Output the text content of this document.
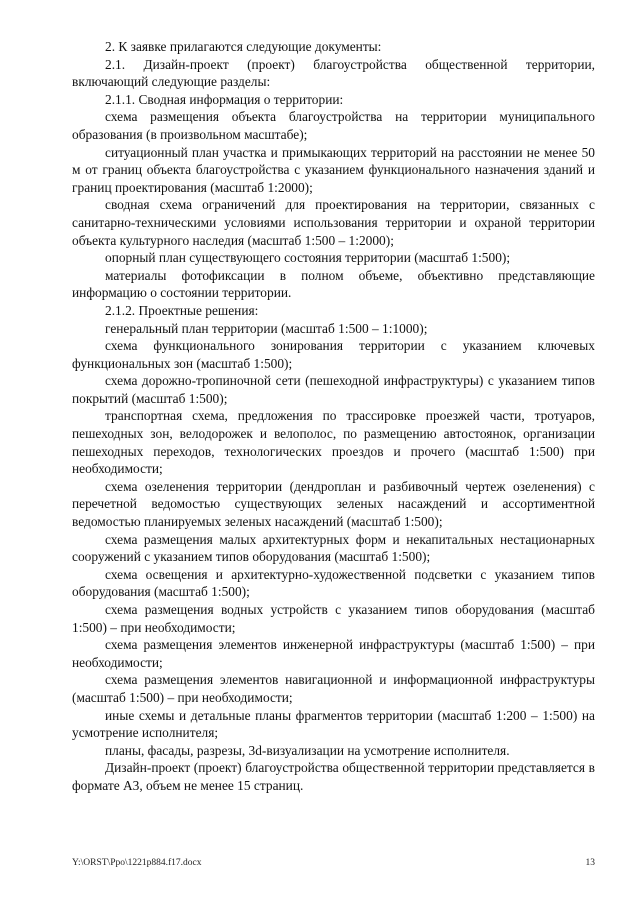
2. К заявке прилагаются следующие документы:

2.1. Дизайн-проект (проект) благоустройства общественной территории, включающий следующие разделы:

2.1.1. Сводная информация о территории:

схема размещения объекта благоустройства на территории муниципального образования (в произвольном масштабе);

ситуационный план участка и примыкающих территорий на расстоянии не менее 50 м от границ объекта благоустройства с указанием функционального назначения зданий и границ проектирования (масштаб 1:2000);

сводная схема ограничений для проектирования на территории, связанных с санитарно-техническими условиями использования территории и охраной территории объекта культурного наследия (масштаб 1:500 – 1:2000);

опорный план существующего состояния территории (масштаб 1:500);

материалы фотофиксации в полном объеме, объективно представляющие информацию о состоянии территории.

2.1.2. Проектные решения:

генеральный план территории (масштаб 1:500 – 1:1000);

схема функционального зонирования территории с указанием ключевых функциональных зон (масштаб 1:500);

схема дорожно-тропиночной сети (пешеходной инфраструктуры) с указанием типов покрытий (масштаб 1:500);

транспортная схема, предложения по трассировке проезжей части, тротуаров, пешеходных зон, велодорожек и велополос, по размещению автостоянок, организации пешеходных переходов, технологических проездов и прочего (масштаб 1:500) при необходимости;

схема озеленения территории (дендроплан и разбивочный чертеж озеленения) с перечетной ведомостью существующих зеленых насаждений и ассортиментной ведомостью планируемых зеленых насаждений (масштаб 1:500);

схема размещения малых архитектурных форм и некапитальных нестационарных сооружений с указанием типов оборудования (масштаб 1:500);

схема освещения и архитектурно-художественной подсветки с указанием типов оборудования (масштаб 1:500);

схема размещения водных устройств с указанием типов оборудования (масштаб 1:500) – при необходимости;

схема размещения элементов инженерной инфраструктуры (масштаб 1:500) – при необходимости;

схема размещения элементов навигационной и информационной инфраструктуры (масштаб 1:500) – при необходимости;

иные схемы и детальные планы фрагментов территории (масштаб 1:200 – 1:500) на усмотрение исполнителя;

планы, фасады, разрезы, 3d-визуализации на усмотрение исполнителя.

Дизайн-проект (проект) благоустройства общественной территории представляется в формате А3, объем не менее 15 страниц.

Y:\ORST\Ppo\1221p884.f17.docx	13
